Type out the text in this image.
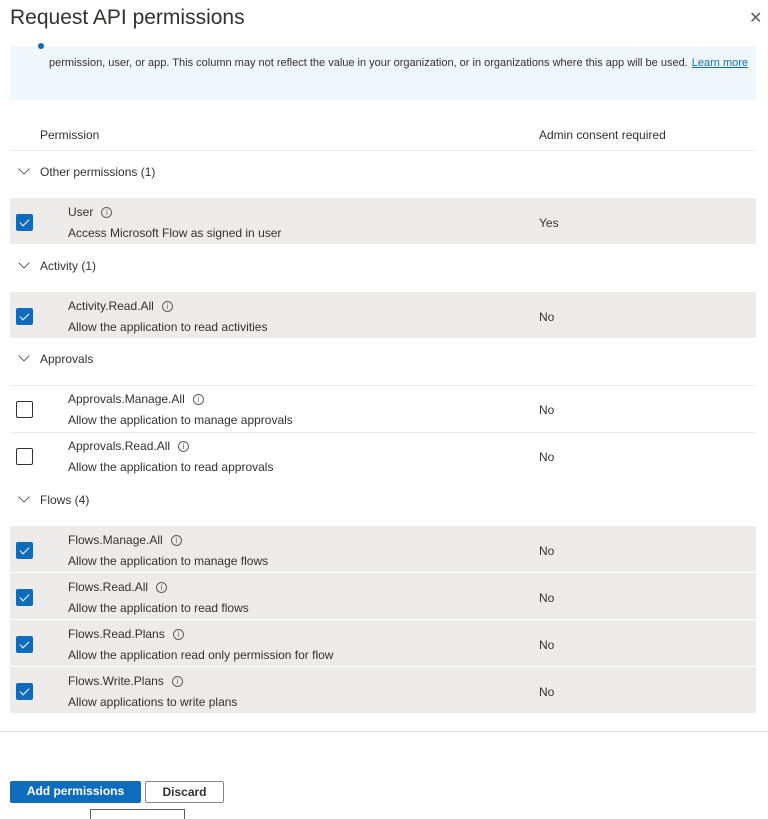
Request API permissions	✕
permission, user, or app. This column may not reflect the value in your organization, or in organizations where this app will be used. Learn more
Permission	Admin consent required
Other permissions (1)
User i
Access Microsoft Flow as signed in user
Yes
Activity (1)
Activity.Read.All i
Allow the application to read activities
No
Approvals
Approvals.Manage.All i
Allow the application to manage approvals
No
Approvals.Read.All i
Allow the application to read approvals
No
Flows (4)
Flows.Manage.All i
Allow the application to manage flows
No
Flows.Read.All i
Allow the application to read flows
No
Flows.Read.Plans i
Allow the application read only permission for flow
No
Flows.Write.Plans i
Allow applications to write plans
No
Add permissions	Discard
